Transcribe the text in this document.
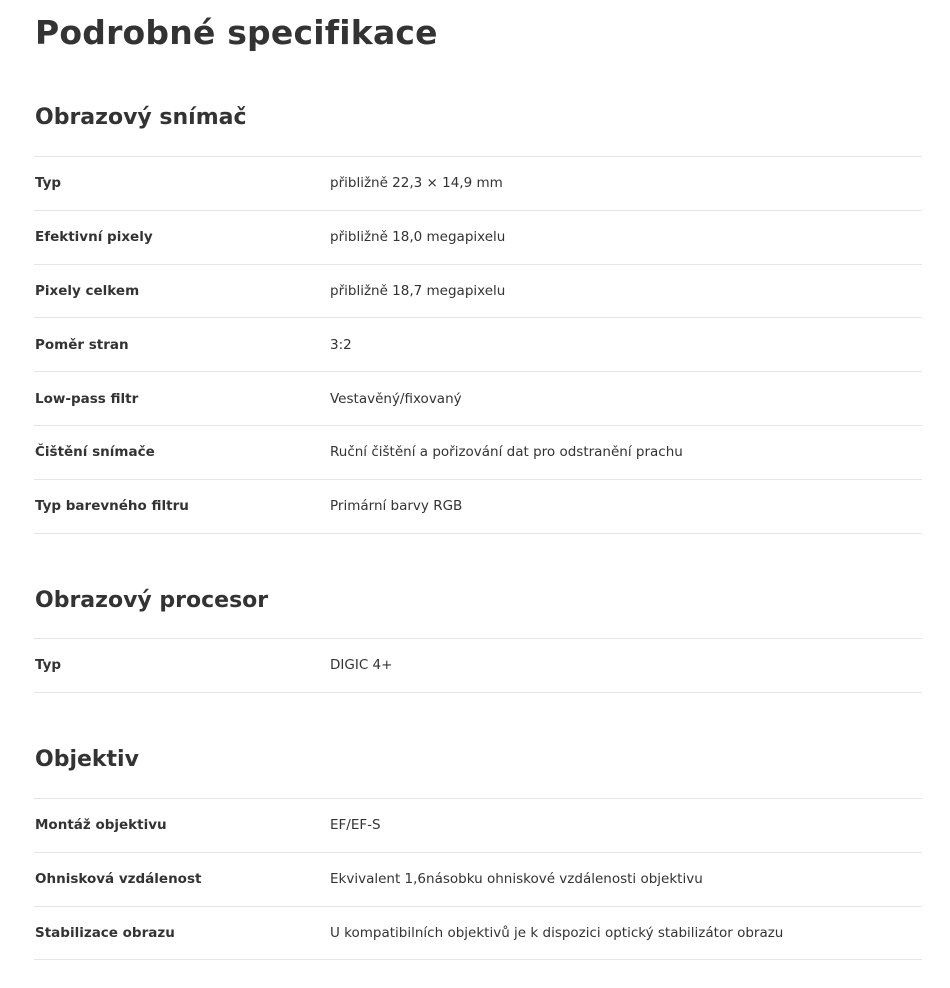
Podrobné specifikace
Obrazový snímač
Typ	přibližně 22,3 × 14,9 mm
Efektivní pixely	přibližně 18,0 megapixelu
Pixely celkem	přibližně 18,7 megapixelu
Poměr stran	3:2
Low-pass filtr	Vestavěný/fixovaný
Čištění snímače	Ruční čištění a pořizování dat pro odstranění prachu
Typ barevného filtru	Primární barvy RGB
Obrazový procesor
Typ	DIGIC 4+
Objektiv
Montáž objektivu	EF/EF-S
Ohnisková vzdálenost	Ekvivalent 1,6násobku ohniskové vzdálenosti objektivu
Stabilizace obrazu	U kompatibilních objektivů je k dispozici optický stabilizátor obrazu
